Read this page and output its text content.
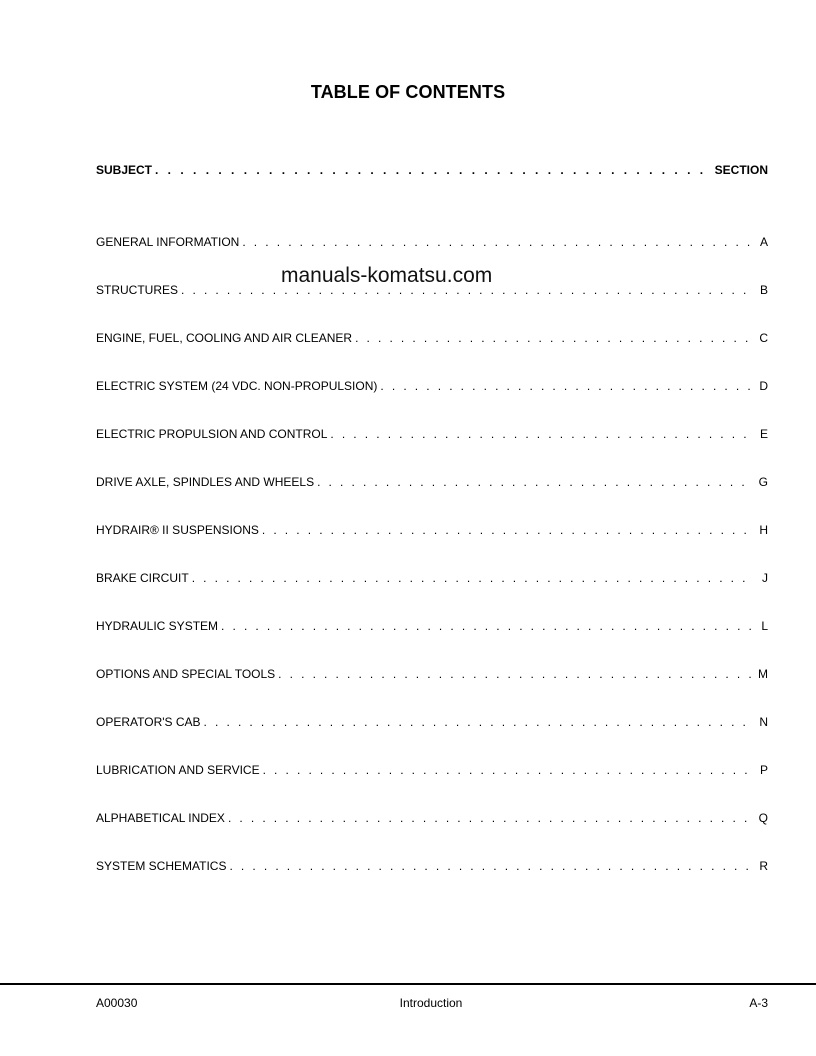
TABLE OF CONTENTS
manuals-komatsu.com
SUBJECT . . .	SECTION
GENERAL INFORMATION . . .	A
STRUCTURES . . .	B
ENGINE, FUEL, COOLING AND AIR CLEANER . . .	C
ELECTRIC SYSTEM (24 VDC. NON-PROPULSION) . . .	D
ELECTRIC PROPULSION AND CONTROL . . .	E
DRIVE AXLE, SPINDLES AND WHEELS . . .	G
HYDRAIR® II SUSPENSIONS . . .	H
BRAKE CIRCUIT . . .	J
HYDRAULIC SYSTEM . . .	L
OPTIONS AND SPECIAL TOOLS . . .	M
OPERATOR'S CAB . . .	N
LUBRICATION AND SERVICE . . .	P
ALPHABETICAL INDEX . . .	Q
SYSTEM SCHEMATICS . . .	R
A00030	Introduction	A-3
